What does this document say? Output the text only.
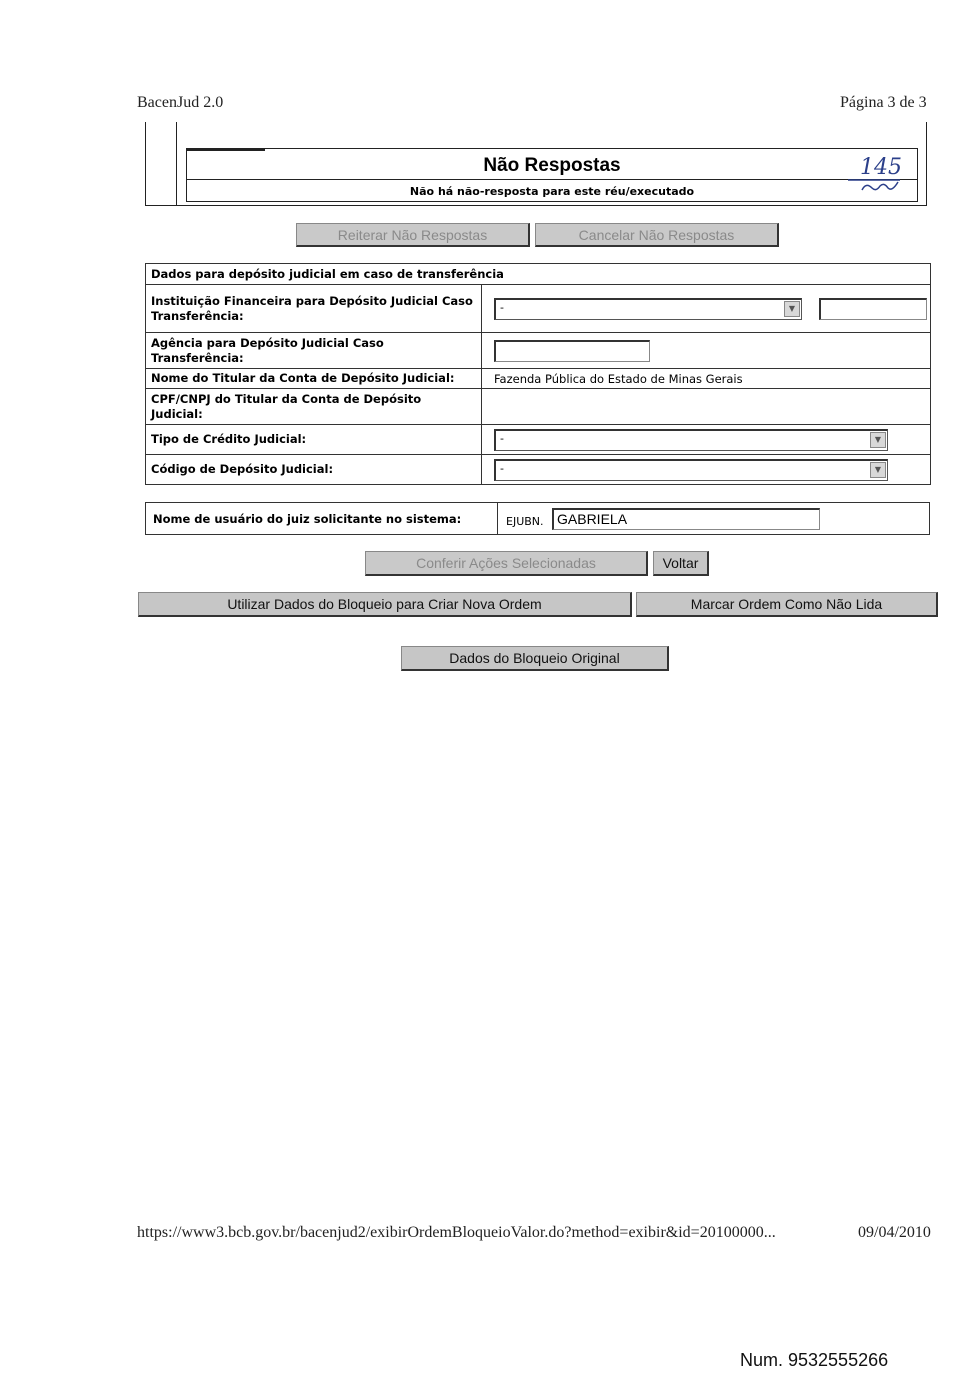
BacenJud 2.0	Página 3 de 3
Não Respostas
Não há não-resposta para este réu/executado
145
Reiterar Não Respostas	Cancelar Não Respostas
Dados para depósito judicial em caso de transferência	
Instituição Financeira para Depósito Judicial Caso Transferência:	- ▼

Agência para Depósito Judicial Caso Transferência:	

Nome do Titular da Conta de Depósito Judicial:	Fazenda Pública do Estado de Minas Gerais
CPF/CNPJ do Titular da Conta de Depósito Judicial:	
Tipo de Crédito Judicial:	- ▼

Código de Depósito Judicial:	- ▼
Nome de usuário do juiz solicitante no sistema:	EJUBN. GABRIELA
Conferir Ações Selecionadas	Voltar
Utilizar Dados do Bloqueio para Criar Nova Ordem	Marcar Ordem Como Não Lida
Dados do Bloqueio Original
https://www3.bcb.gov.br/bacenjud2/exibirOrdemBloqueioValor.do?method=exibir&id=20100000...	09/04/2010
Num. 9532555266
